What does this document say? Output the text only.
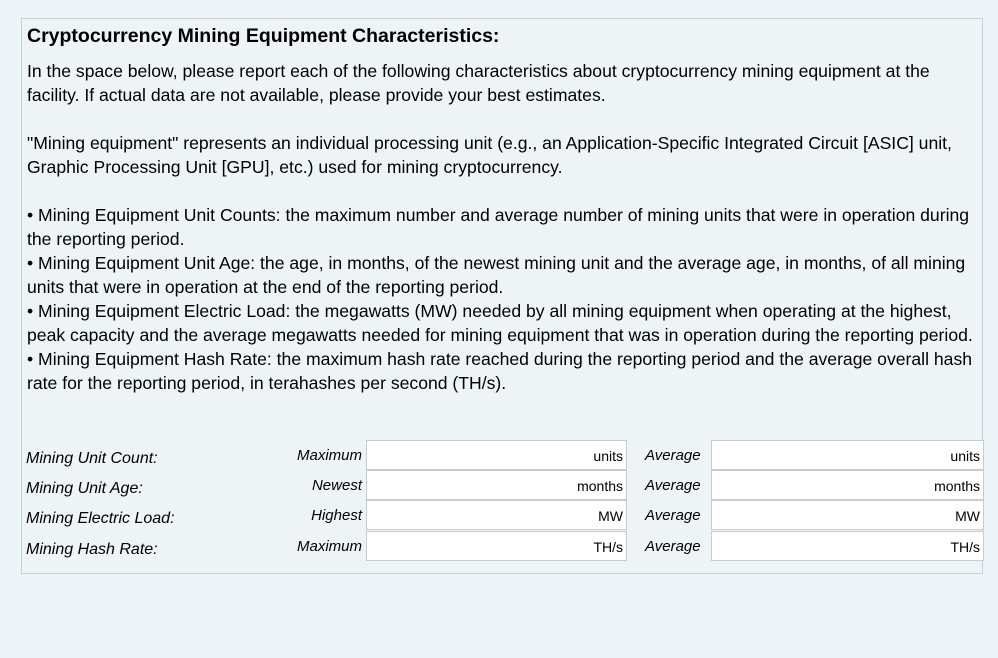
Cryptocurrency Mining Equipment Characteristics:

In the space below, please report each of the following characteristics about cryptocurrency mining equipment at the facility. If actual data are not available, please provide your best estimates.

"Mining equipment" represents an individual processing unit (e.g., an Application-Specific Integrated Circuit [ASIC] unit, Graphic Processing Unit [GPU], etc.) used for mining cryptocurrency.

• Mining Equipment Unit Counts: the maximum number and average number of mining units that were in operation during the reporting period.

• Mining Equipment Unit Age: the age, in months, of the newest mining unit and the average age, in months, of all mining units that were in operation at the end of the reporting period.

• Mining Equipment Electric Load: the megawatts (MW) needed by all mining equipment when operating at the highest, peak capacity and the average megawatts needed for mining equipment that was in operation during the reporting period.

• Mining Equipment Hash Rate: the maximum hash rate reached during the reporting period and the average overall hash rate for the reporting period, in terahashes per second (TH/s).

Mining Unit Count:	Maximum	units Average	units
Mining Unit Age:	Newest	months Average	months
Mining Electric Load:	Highest	MW Average	MW
Mining Hash Rate:	Maximum	TH/s Average	TH/s
